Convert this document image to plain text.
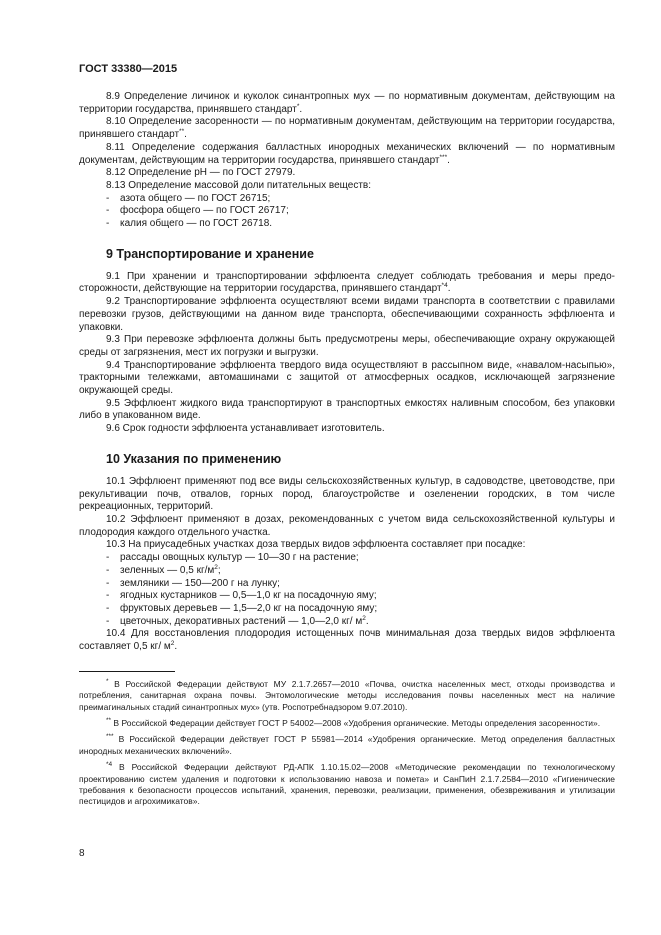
ГОСТ 33380—2015

8.9 Определение личинок и куколок синантропных мух — по нормативным документам, действующим на территории государства, принявшего стандарт*.

8.10 Определение засоренности — по нормативным документам, действующим на территории государства, принявшего стандарт**.

8.11 Определение содержания балластных инородных механических включений — по нормативным документам, действующим на территории государства, принявшего стандарт***.

8.12 Определение рН — по ГОСТ 27979.

8.13 Определение массовой доли питательных веществ:

- азота общего — по ГОСТ 26715;

- фосфора общего — по ГОСТ 26717;

- калия общего — по ГОСТ 26718.

9 Транспортирование и хранение

9.1 При хранении и транспортировании эффлюента следует соблюдать требования и меры предосторожности, действующие на территории государства, принявшего стандарт$^{*4}$.

9.2 Транспортирование эффлюента осуществляют всеми видами транспорта в соответствии с правилами перевозки грузов, действующими на данном виде транспорта, обеспечивающими сохранность эффлюента и упаковки.

9.3 При перевозке эффлюента должны быть предусмотрены меры, обеспечивающие охрану окружающей среды от загрязнения, мест их погрузки и выгрузки.

9.4 Транспортирование эффлюента твердого вида осуществляют в рассыпном виде, «навалом-насыпью», тракторными тележками, автомашинами с защитой от атмосферных осадков, исключающей загрязнение окружающей среды.

9.5 Эффлюент жидкого вида транспортируют в транспортных емкостях наливным способом, без упаковки либо в упакованном виде.

9.6 Срок годности эффлюента устанавливает изготовитель.

10 Указания по применению

10.1 Эффлюент применяют под все виды сельскохозяйственных культур, в садоводстве, цветоводстве, при рекультивации почв, отвалов, горных пород, благоустройстве и озеленении городских, в том числе рекреационных, территорий.

10.2 Эффлюент применяют в дозах, рекомендованных с учетом вида сельскохозяйственной культуры и плодородия каждого отдельного участка.

10.3 На приусадебных участках доза твердых видов эффлюента составляет при посадке:

- рассады овощных культур — 10—30 г на растение;

- зеленных — 0,5 $кг/м^2$;

- земляники — 150—200 г на лунку;

- ягодных кустарников — 0,5—1,0 кг на посадочную яму;

- фруктовых деревьев — 1,5—2,0 кг на посадочную яму;

- цветочных, декоративных растений — 1,0—2,0 кг/ $м^2$.

10.4 Для восстановления плодородия истощенных почв минимальная доза твердых видов эффлюента составляет 0,5 кг/ $м^2$.

* В Российской Федерации действуют МУ 2.1.7.2657—2010 «Почва, очистка населенных мест, отходы производства и потребления, санитарная охрана почвы. Энтомологические методы исследования почвы населенных мест на наличие преимагинальных стадий синантропных мух» (утв. Роспотребнадзором 9.07.2010).

** В Российской Федерации действует ГОСТ Р 54002—2008 «Удобрения органические. Методы определения засоренности».

*** В Российской Федерации действует ГОСТ Р 55981—2014 «Удобрения органические. Метод определения балластных инородных механических включений».

$^{*4}$ В Российской Федерации действуют РД-АПК 1.10.15.02—2008 «Методические рекомендации по технологическому проектированию систем удаления и подготовки к использованию навоза и помета» и СанПиН 2.1.7.2584—2010 «Гигиенические требования к безопасности процессов испытаний, хранения, перевозки, реализации, применения, обезвреживания и утилизации пестицидов и агрохимикатов».

8
